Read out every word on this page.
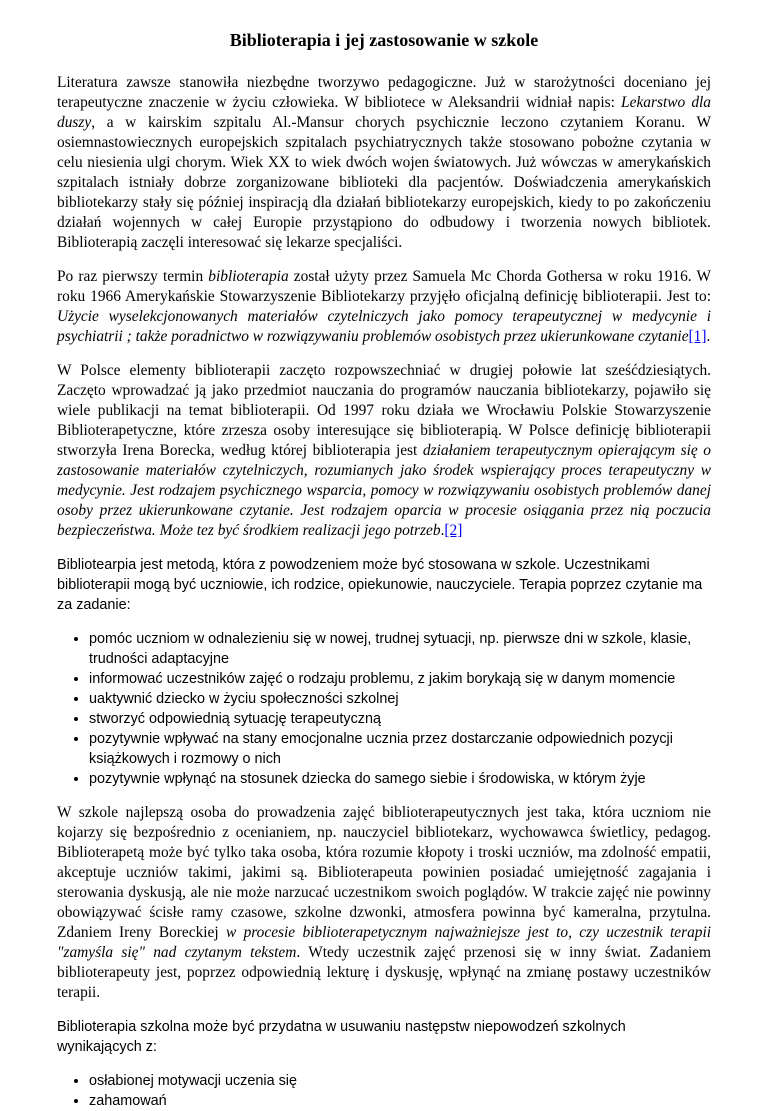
Biblioterapia i jej zastosowanie w szkole

Literatura zawsze stanowiła niezbędne tworzywo pedagogiczne. Już w starożytności doceniano jej terapeutyczne znaczenie w życiu człowieka. W bibliotece w Aleksandrii widniał napis: Lekarstwo dla duszy, a w kairskim szpitalu Al.-Mansur chorych psychicznie leczono czytaniem Koranu. W osiemnastowiecznych europejskich szpitalach psychiatrycznych także stosowano pobożne czytania w celu niesienia ulgi chorym. Wiek XX to wiek dwóch wojen światowych. Już wówczas w amerykańskich szpitalach istniały dobrze zorganizowane biblioteki dla pacjentów. Doświadczenia amerykańskich bibliotekarzy stały się później inspiracją dla działań bibliotekarzy europejskich, kiedy to po zakończeniu działań wojennych w całej Europie przystąpiono do odbudowy i tworzenia nowych bibliotek. Biblioterapią zaczęli interesować się lekarze specjaliści.

Po raz pierwszy termin biblioterapia został użyty przez Samuela Mc Chorda Gothersa w roku 1916. W roku 1966 Amerykańskie Stowarzyszenie Bibliotekarzy przyjęło oficjalną definicję biblioterapii. Jest to: Użycie wyselekcjonowanych materiałów czytelniczych jako pomocy terapeutycznej w medycynie i psychiatrii ; także poradnictwo w rozwiązywaniu problemów osobistych przez ukierunkowane czytanie[1].

W Polsce elementy biblioterapii zaczęto rozpowszechniać w drugiej połowie lat sześćdziesiątych. Zaczęto wprowadzać ją jako przedmiot nauczania do programów nauczania bibliotekarzy, pojawiło się wiele publikacji na temat biblioterapii. Od 1997 roku działa we Wrocławiu Polskie Stowarzyszenie Biblioterapetyczne, które zrzesza osoby interesujące się biblioterapią. W Polsce definicję biblioterapii stworzyła Irena Borecka, według której biblioterapia jest działaniem terapeutycznym opierającym się o zastosowanie materiałów czytelniczych, rozumianych jako środek wspierający proces terapeutyczny w medycynie. Jest rodzajem psychicznego wsparcia, pomocy w rozwiązywaniu osobistych problemów danej osoby przez ukierunkowane czytanie. Jest rodzajem oparcia w procesie osiągania przez nią poczucia bezpieczeństwa. Może tez być środkiem realizacji jego potrzeb.[2]

Bibliotearpia jest metodą, która z powodzeniem może być stosowana w szkole. Uczestnikami biblioterapii mogą być uczniowie, ich rodzice, opiekunowie, nauczyciele. Terapia poprzez czytanie ma za zadanie:

• pomóc uczniom w odnalezieniu się w nowej, trudnej sytuacji, np. pierwsze dni w szkole, klasie, trudności adaptacyjne
• informować uczestników zajęć o rodzaju problemu, z jakim borykają się w danym momencie
• uaktywnić dziecko w życiu społeczności szkolnej
• stworzyć odpowiednią sytuację terapeutyczną
• pozytywnie wpływać na stany emocjonalne ucznia przez dostarczanie odpowiednich pozycji książkowych i rozmowy o nich
• pozytywnie wpłynąć na stosunek dziecka do samego siebie i środowiska, w którym żyje

W szkole najlepszą osoba do prowadzenia zajęć biblioterapeutycznych jest taka, która uczniom nie kojarzy się bezpośrednio z ocenianiem, np. nauczyciel bibliotekarz, wychowawca świetlicy, pedagog. Biblioterapetą może być tylko taka osoba, która rozumie kłopoty i troski uczniów, ma zdolność empatii, akceptuje uczniów takimi, jakimi są. Biblioterapeuta powinien posiadać umiejętność zagajania i sterowania dyskusją, ale nie może narzucać uczestnikom swoich poglądów. W trakcie zajęć nie powinny obowiązywać ścisłe ramy czasowe, szkolne dzwonki, atmosfera powinna być kameralna, przytulna. Zdaniem Ireny Boreckiej w procesie biblioterapetycznym najważniejsze jest to, czy uczestnik terapii "zamyśla się" nad czytanym tekstem. Wtedy uczestnik zajęć przenosi się w inny świat. Zadaniem biblioterapeuty jest, poprzez odpowiednią lekturę i dyskusję, wpłynąć na zmianę postawy uczestników terapii.

Biblioterapia szkolna może być przydatna w usuwaniu następstw niepowodzeń szkolnych wynikających z:

• osłabionej motywacji uczenia się
• zahamowań
